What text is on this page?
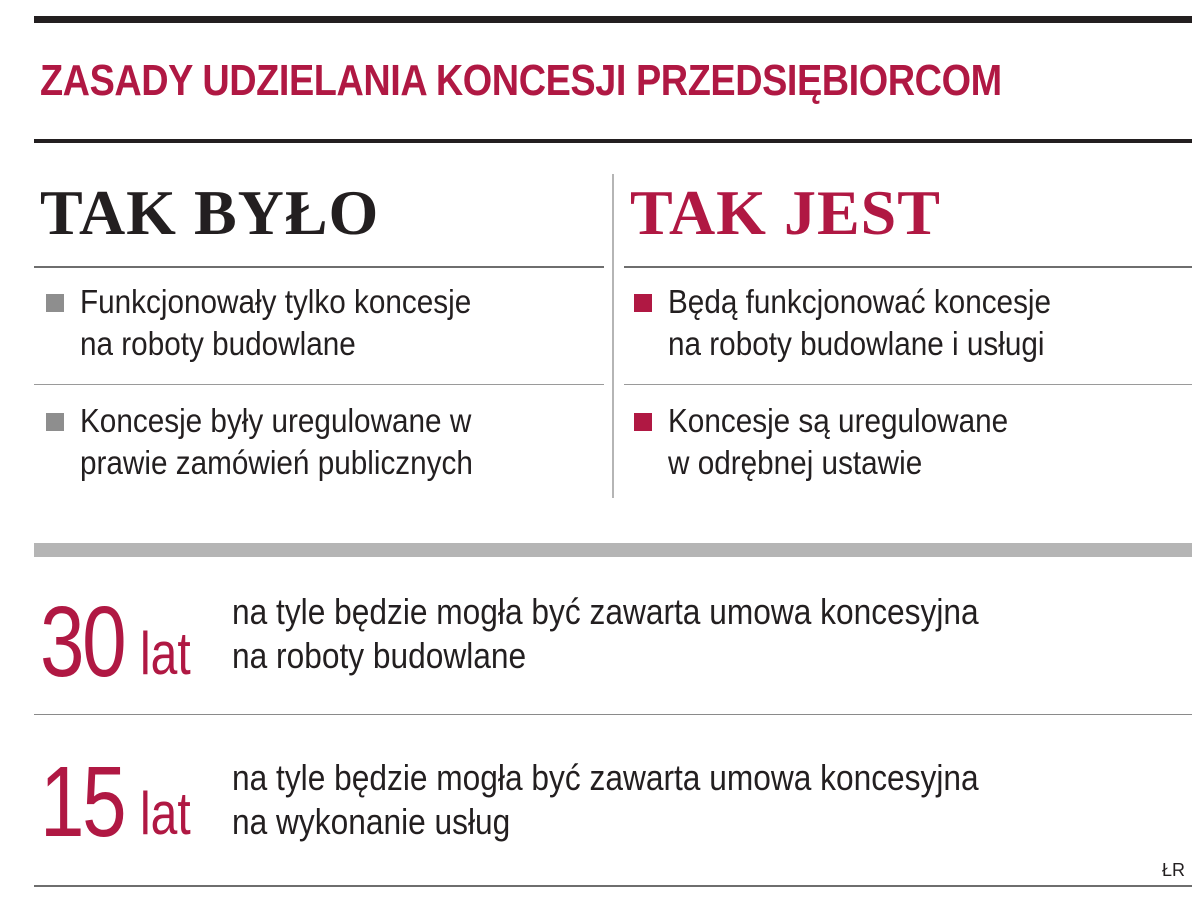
ZASADY UDZIELANIA KONCESJI PRZEDSIĘBIORCOM
TAK BYŁO
Funkcjonowały tylko koncesje
na roboty budowlane
Koncesje były uregulowane w
prawie zamówień publicznych
TAK JEST
Będą funkcjonować koncesje
na roboty budowlane i usługi
Koncesje są uregulowane
w odrębnej ustawie
30 lat
na tyle będzie mogła być zawarta umowa koncesyjna
na roboty budowlane
15 lat
na tyle będzie mogła być zawarta umowa koncesyjna
na wykonanie usług
ŁR
